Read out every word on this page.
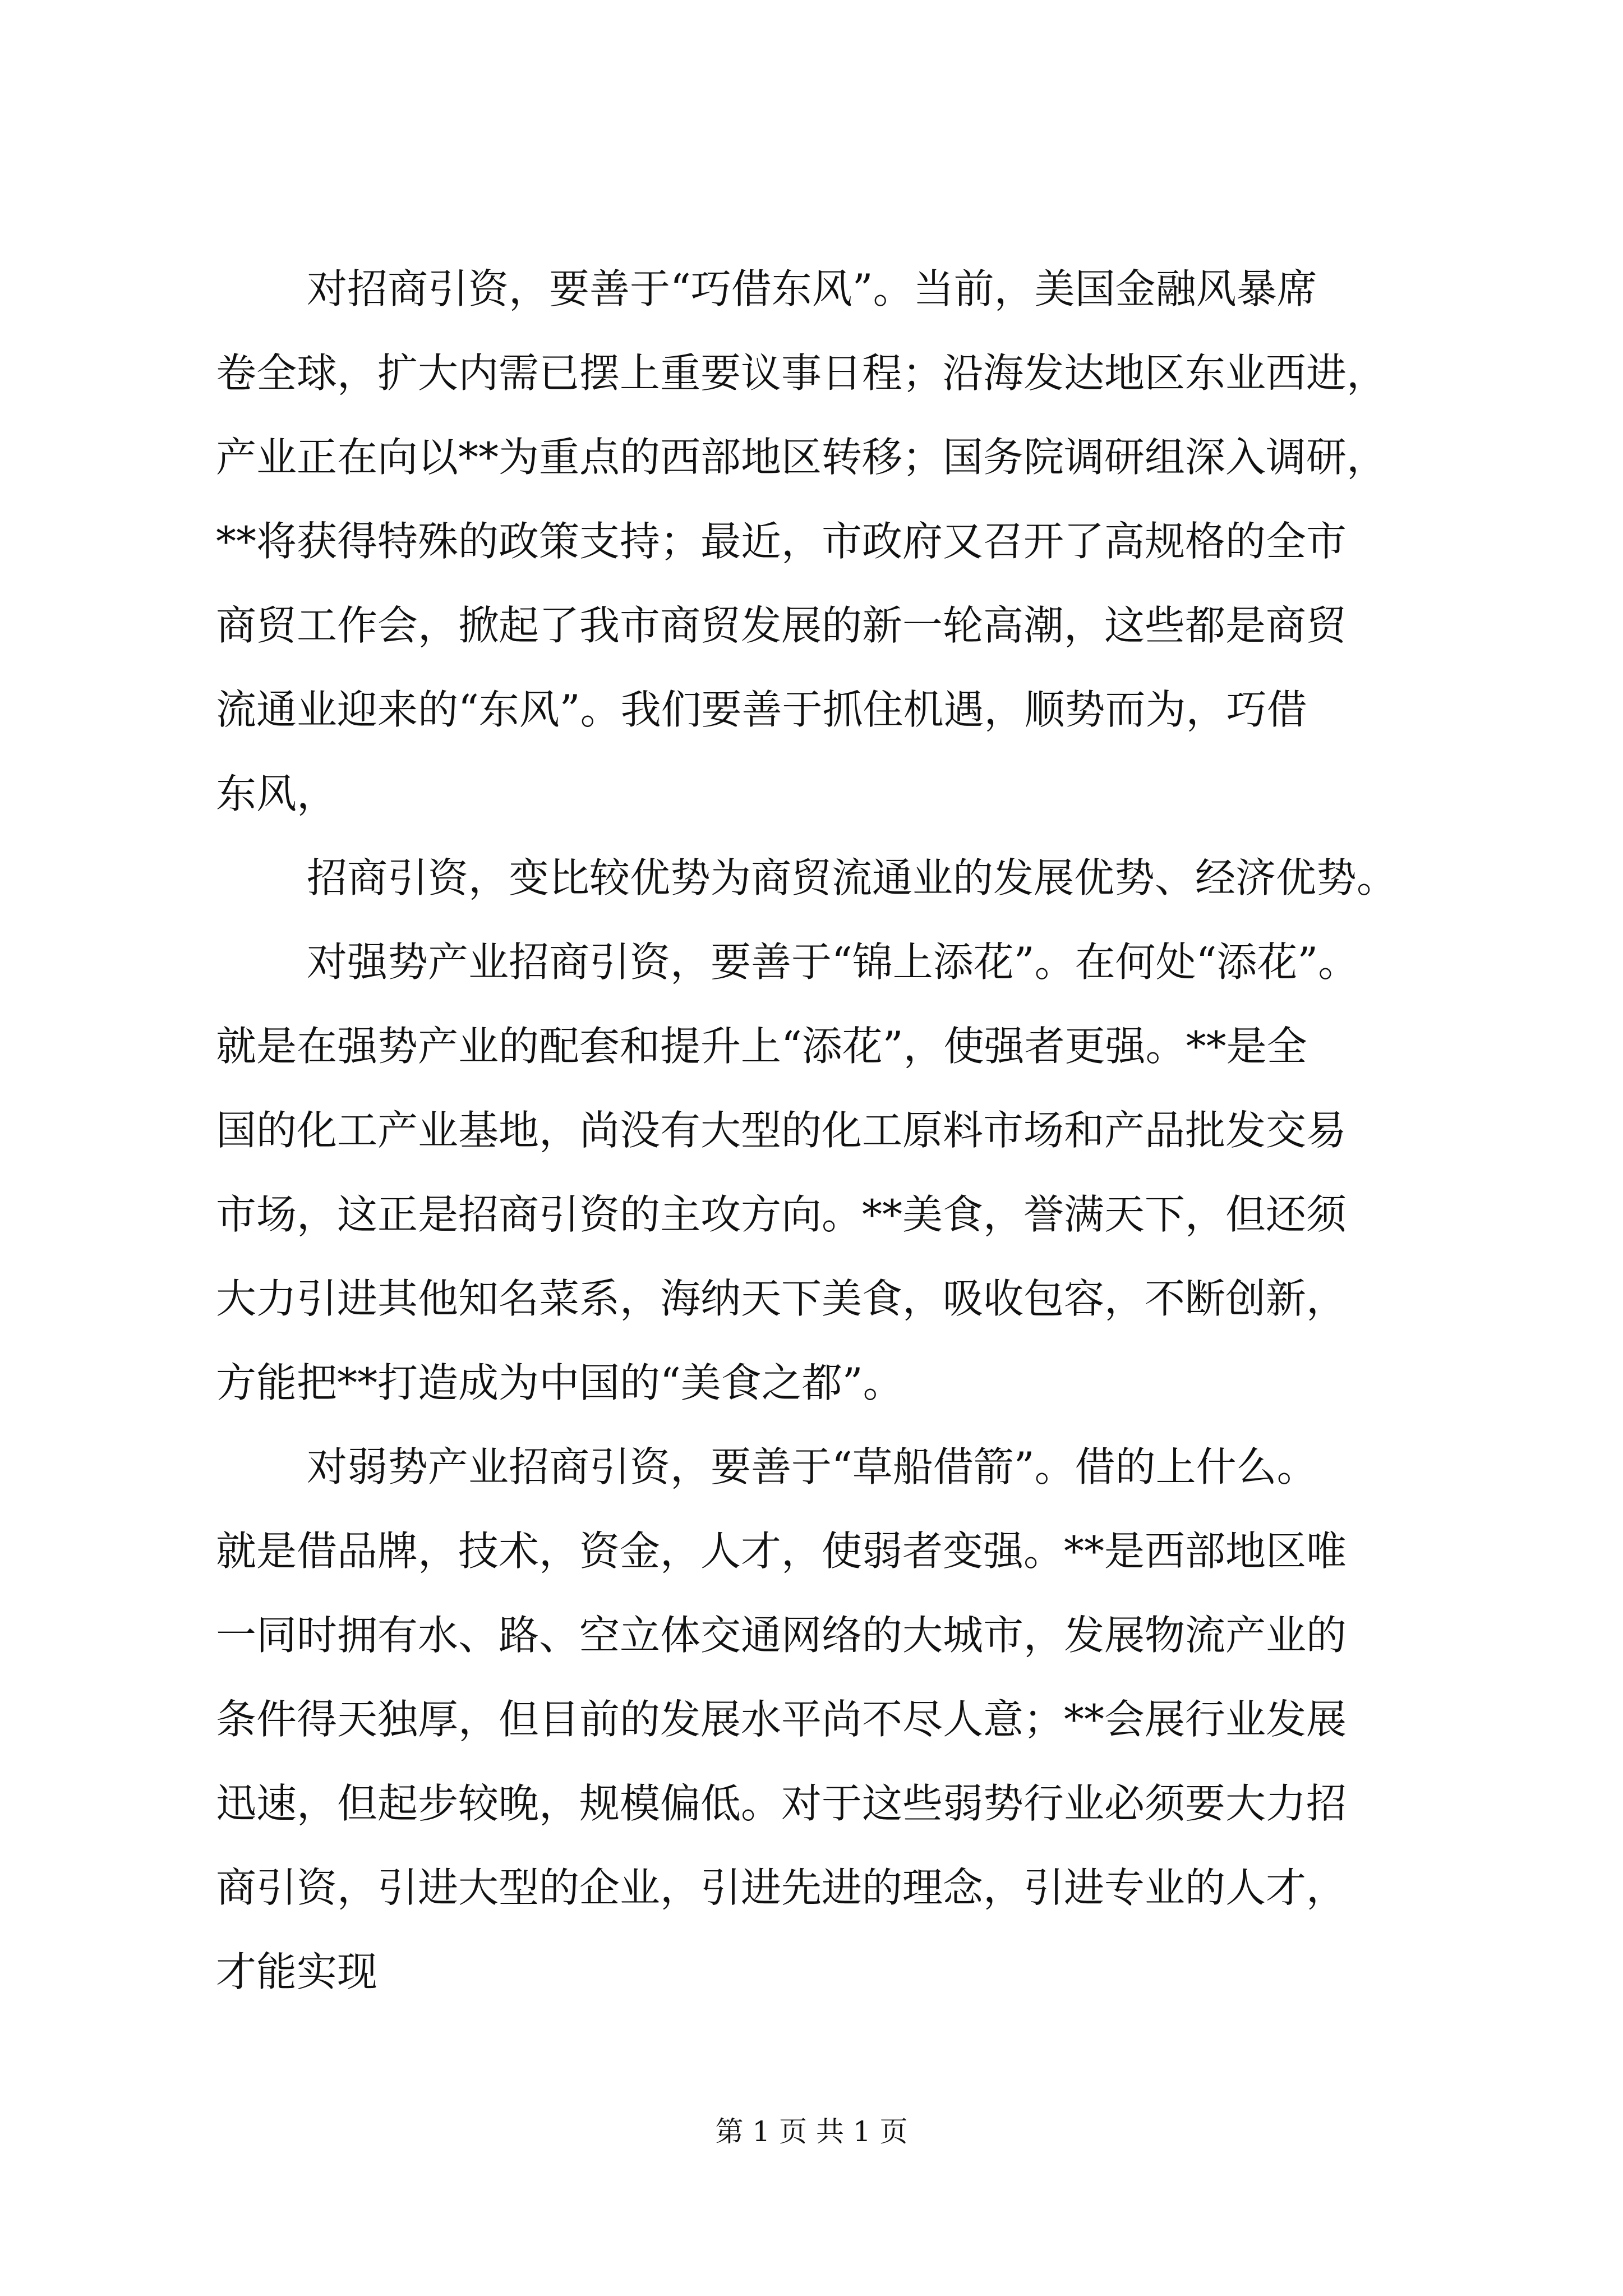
对招商引资，要善于“巧借东风”。当前，美国金融风暴席
卷全球，扩大内需已摆上重要议事日程；沿海发达地区东业西进，
产业正在向以**为重点的西部地区转移；国务院调研组深入调研，
**将获得特殊的政策支持；最近，市政府又召开了高规格的全市
商贸工作会，掀起了我市商贸发展的新一轮高潮，这些都是商贸
流通业迎来的“东风”。我们要善于抓住机遇，顺势而为，巧借
东风，
招商引资，变比较优势为商贸流通业的发展优势、经济优势。
对强势产业招商引资，要善于“锦上添花”。在何处“添花”。
就是在强势产业的配套和提升上“添花”，使强者更强。**是全
国的化工产业基地，尚没有大型的化工原料市场和产品批发交易
市场，这正是招商引资的主攻方向。**美食，誉满天下，但还须
大力引进其他知名菜系，海纳天下美食，吸收包容，不断创新，
方能把**打造成为中国的“美食之都”。
对弱势产业招商引资，要善于“草船借箭”。借的上什么。
就是借品牌，技术，资金，人才，使弱者变强。**是西部地区唯
一同时拥有水、路、空立体交通网络的大城市，发展物流产业的
条件得天独厚，但目前的发展水平尚不尽人意；**会展行业发展
迅速，但起步较晚，规模偏低。对于这些弱势行业必须要大力招
商引资，引进大型的企业，引进先进的理念，引进专业的人才，
才能实现
第 1 页 共 1 页
